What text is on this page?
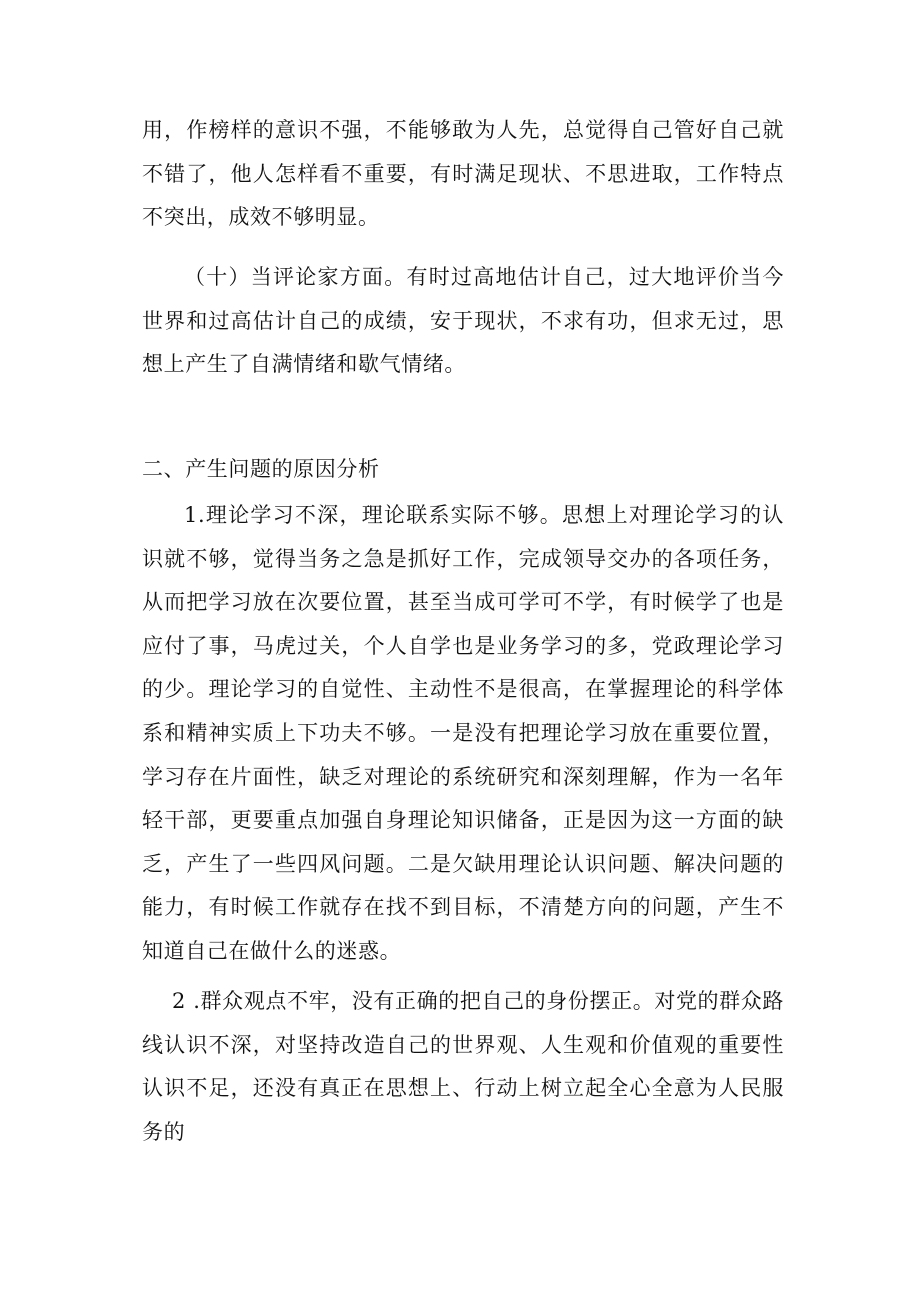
用，作榜样的意识不强，不能够敢为人先，总觉得自己管好自己就不错了，他人怎样看不重要，有时满足现状、不思进取，工作特点不突出，成效不够明显。

（十）当评论家方面。有时过高地估计自己，过大地评价当今世界和过高估计自己的成绩，安于现状，不求有功，但求无过，思想上产生了自满情绪和歇气情绪。

二、产生问题的原因分析

1.理论学习不深，理论联系实际不够。思想上对理论学习的认识就不够，觉得当务之急是抓好工作，完成领导交办的各项任务，从而把学习放在次要位置，甚至当成可学可不学，有时候学了也是应付了事，马虎过关，个人自学也是业务学习的多，党政理论学习的少。理论学习的自觉性、主动性不是很高，在掌握理论的科学体系和精神实质上下功夫不够。一是没有把理论学习放在重要位置，学习存在片面性，缺乏对理论的系统研究和深刻理解，作为一名年轻干部，更要重点加强自身理论知识储备，正是因为这一方面的缺乏，产生了一些四风问题。二是欠缺用理论认识问题、解决问题的能力，有时候工作就存在找不到目标，不清楚方向的问题，产生不知道自己在做什么的迷惑。

2 .群众观点不牢，没有正确的把自己的身份摆正。对党的群众路线认识不深，对坚持改造自己的世界观、人生观和价值观的重要性认识不足，还没有真正在思想上、行动上树立起全心全意为人民服务的
